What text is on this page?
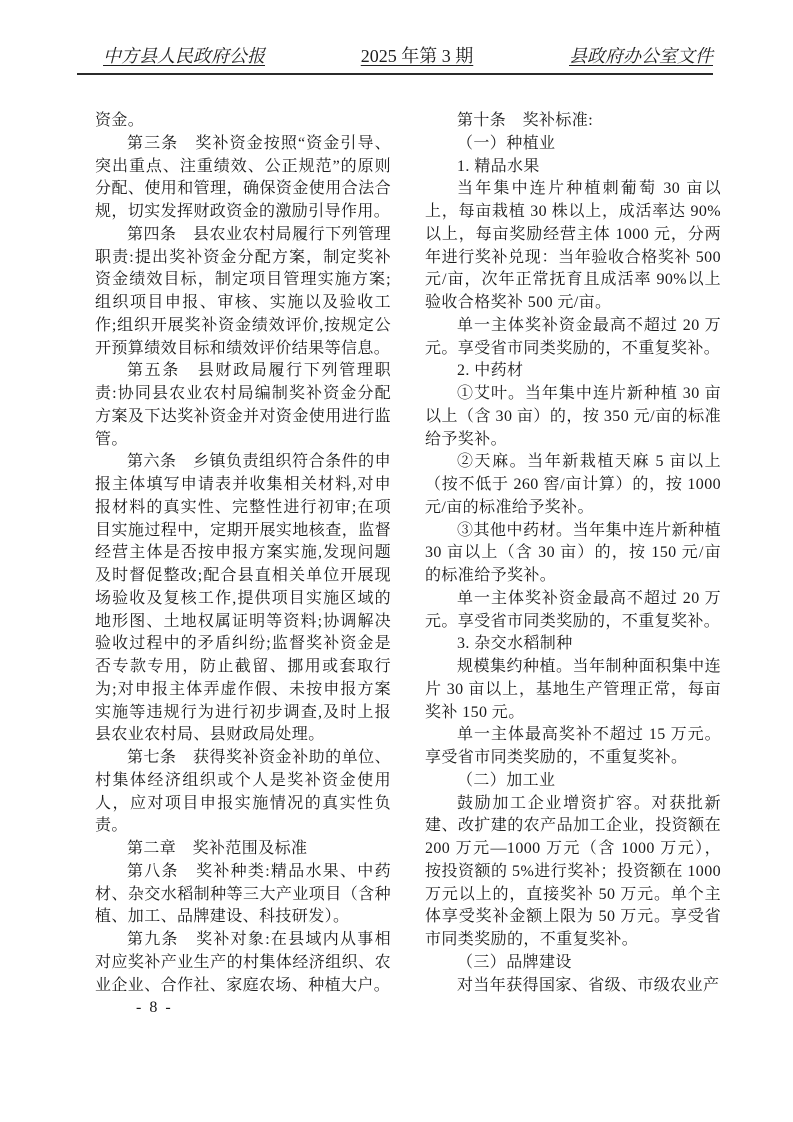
中方县人民政府公报	2025 年第 3 期	县政府办公室文件
资金。
第三条　奖补资金按照“资金引导、突出重点、注重绩效、公正规范”的原则分配、使用和管理，确保资金使用合法合规，切实发挥财政资金的激励引导作用。
第四条　县农业农村局履行下列管理职责:提出奖补资金分配方案，制定奖补资金绩效目标，制定项目管理实施方案;组织项目申报、审核、实施以及验收工作;组织开展奖补资金绩效评价,按规定公开预算绩效目标和绩效评价结果等信息。
第五条　县财政局履行下列管理职责:协同县农业农村局编制奖补资金分配方案及下达奖补资金并对资金使用进行监管。
第六条　乡镇负责组织符合条件的申报主体填写申请表并收集相关材料,对申报材料的真实性、完整性进行初审;在项目实施过程中，定期开展实地核查，监督经营主体是否按申报方案实施,发现问题及时督促整改;配合县直相关单位开展现场验收及复核工作,提供项目实施区域的地形图、土地权属证明等资料;协调解决验收过程中的矛盾纠纷;监督奖补资金是否专款专用，防止截留、挪用或套取行为;对申报主体弄虚作假、未按申报方案实施等违规行为进行初步调查,及时上报县农业农村局、县财政局处理。
第七条　获得奖补资金补助的单位、村集体经济组织或个人是奖补资金使用人，应对项目申报实施情况的真实性负责。
第二章　奖补范围及标准
第八条　奖补种类:精品水果、中药材、杂交水稻制种等三大产业项目（含种植、加工、品牌建设、科技研发）。
第九条　奖补对象:在县域内从事相对应奖补产业生产的村集体经济组织、农业企业、合作社、家庭农场、种植大户。
第十条　奖补标准:
（一）种植业
1. 精品水果
当年集中连片种植刺葡萄 30 亩以上，每亩栽植 30 株以上，成活率达 90%以上，每亩奖励经营主体 1000 元，分两年进行奖补兑现：当年验收合格奖补 500 元/亩，次年正常抚育且成活率 90%以上验收合格奖补 500 元/亩。
单一主体奖补资金最高不超过 20 万元。享受省市同类奖励的，不重复奖补。
2. 中药材
①艾叶。当年集中连片新种植 30 亩以上（含 30 亩）的，按 350 元/亩的标准给予奖补。
②天麻。当年新栽植天麻 5 亩以上（按不低于 260 窖/亩计算）的，按 1000 元/亩的标准给予奖补。
③其他中药材。当年集中连片新种植 30 亩以上（含 30 亩）的，按 150 元/亩的标准给予奖补。
单一主体奖补资金最高不超过 20 万元。享受省市同类奖励的，不重复奖补。
3. 杂交水稻制种
规模集约种植。当年制种面积集中连片 30 亩以上，基地生产管理正常，每亩奖补 150 元。
单一主体最高奖补不超过 15 万元。享受省市同类奖励的，不重复奖补。
（二）加工业
鼓励加工企业增资扩容。对获批新建、改扩建的农产品加工企业，投资额在 200 万元—1000 万元（含 1000 万元），按投资额的 5%进行奖补；投资额在 1000 万元以上的，直接奖补 50 万元。单个主体享受奖补金额上限为 50 万元。享受省市同类奖励的，不重复奖补。
（三）品牌建设
对当年获得国家、省级、市级农业产
- 8 -
